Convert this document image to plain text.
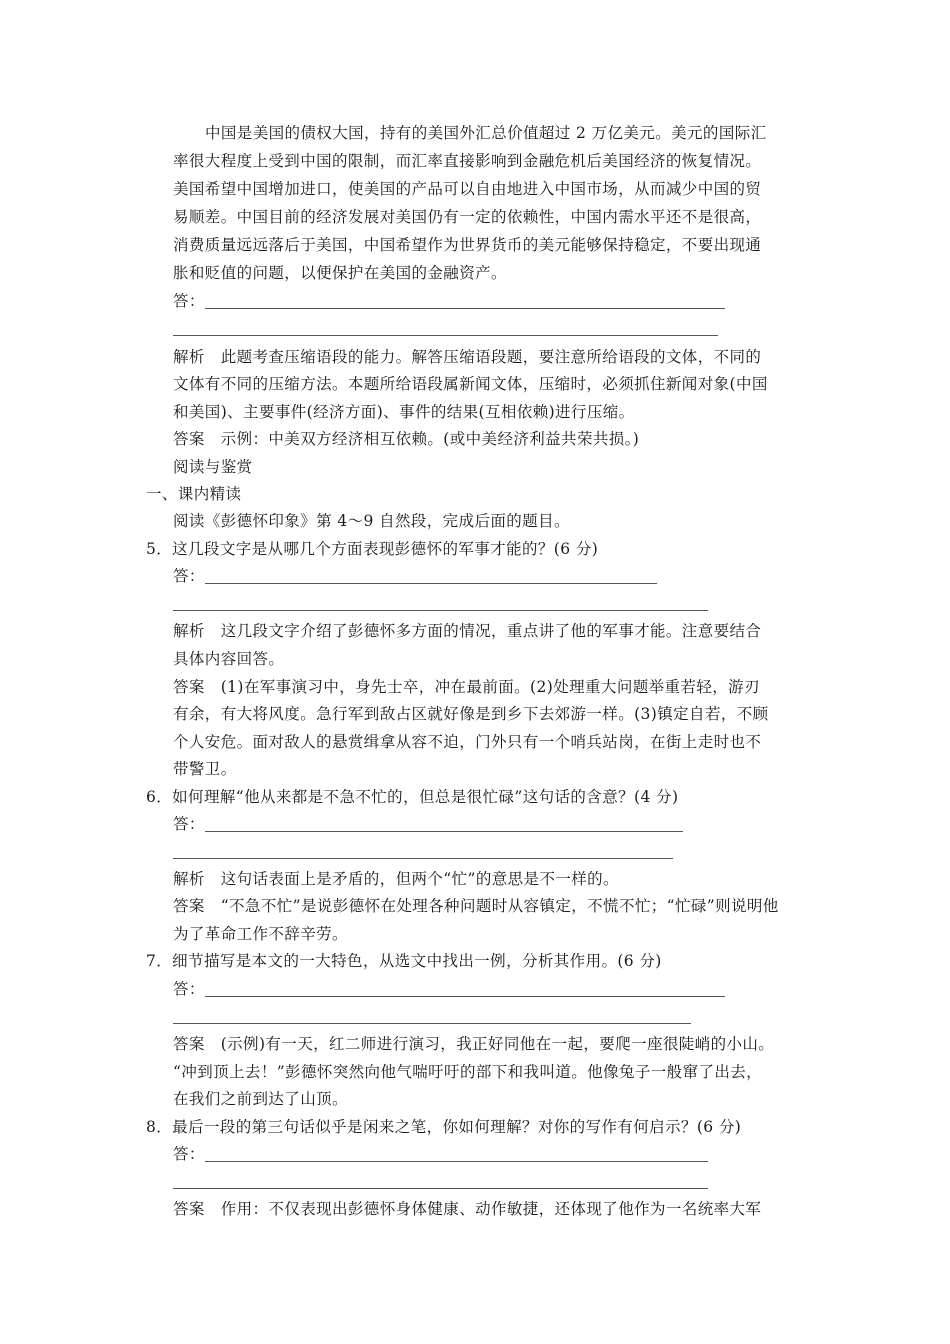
中国是美国的债权大国，持有的美国外汇总价值超过 2 万亿美元。美元的国际汇
率很大程度上受到中国的限制，而汇率直接影响到金融危机后美国经济的恢复情况。
美国希望中国增加进口，使美国的产品可以自由地进入中国市场，从而减少中国的贸
易顺差。中国目前的经济发展对美国仍有一定的依赖性，中国内需水平还不是很高，
消费质量远远落后于美国，中国希望作为世界货币的美元能够保持稳定，不要出现通
胀和贬值的问题，以便保护在美国的金融资产。
答：
解析　此题考查压缩语段的能力。解答压缩语段题，要注意所给语段的文体，不同的
文体有不同的压缩方法。本题所给语段属新闻文体，压缩时，必须抓住新闻对象(中国
和美国)、主要事件(经济方面)、事件的结果(互相依赖)进行压缩。
答案　示例：中美双方经济相互依赖。(或中美经济利益共荣共损。)
阅读与鉴赏
一、课内精读
阅读《彭德怀印象》第 4～9 自然段，完成后面的题目。
5．这几段文字是从哪几个方面表现彭德怀的军事才能的？(6 分)
答：
解析　这几段文字介绍了彭德怀多方面的情况，重点讲了他的军事才能。注意要结合
具体内容回答。
答案　(1)在军事演习中，身先士卒，冲在最前面。(2)处理重大问题举重若轻，游刃
有余，有大将风度。急行军到敌占区就好像是到乡下去郊游一样。(3)镇定自若，不顾
个人安危。面对敌人的悬赏缉拿从容不迫，门外只有一个哨兵站岗，在街上走时也不
带警卫。
6．如何理解“他从来都是不急不忙的，但总是很忙碌”这句话的含意？(4 分)
答：
解析　这句话表面上是矛盾的，但两个“忙”的意思是不一样的。
答案　“不急不忙”是说彭德怀在处理各种问题时从容镇定，不慌不忙；“忙碌”则说明他
为了革命工作不辞辛劳。
7．细节描写是本文的一大特色，从选文中找出一例，分析其作用。(6 分)
答：
答案　(示例)有一天，红二师进行演习，我正好同他在一起，要爬一座很陡峭的小山。
“冲到顶上去！”彭德怀突然向他气喘吁吁的部下和我叫道。他像兔子一般窜了出去，
在我们之前到达了山顶。
8．最后一段的第三句话似乎是闲来之笔，你如何理解？对你的写作有何启示？(6 分)
答：
答案　作用：不仅表现出彭德怀身体健康、动作敏捷，还体现了他作为一名统率大军
